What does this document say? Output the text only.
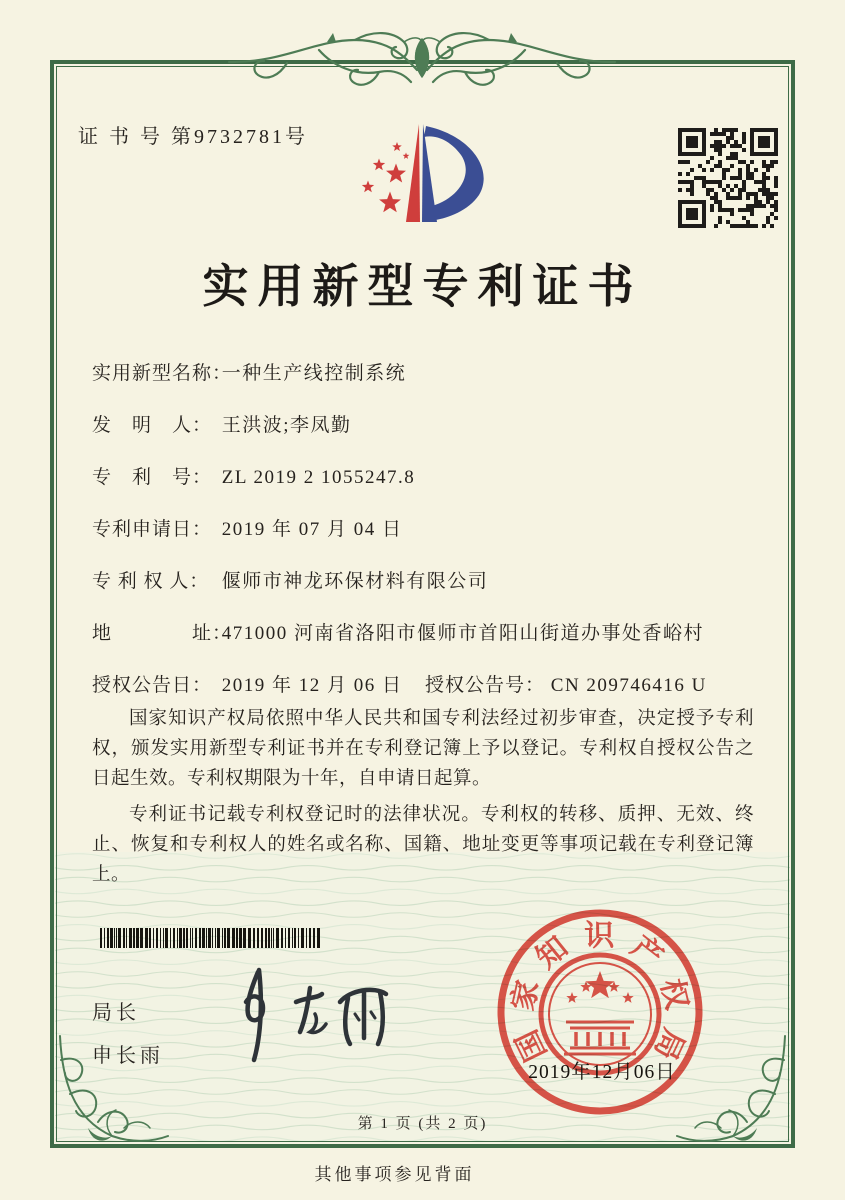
证 书 号 第9732781号
实用新型专利证书
实用新型名称： 一种生产线控制系统
发　明　人： 王洪波;李凤勤
专　利　号： ZL 2019 2 1055247.8
专利申请日： 2019 年 07 月 04 日
专 利 权 人： 偃师市神龙环保材料有限公司
地　　　　址： 471000 河南省洛阳市偃师市首阳山街道办事处香峪村
授权公告日： 2019 年 12 月 06 日 授权公告号： CN 209746416 U

国家知识产权局依照中华人民共和国专利法经过初步审查，决定授予专利权，颁发实用新型专利证书并在专利登记簿上予以登记。专利权自授权公告之日起生效。专利权期限为十年，自申请日起算。

专利证书记载专利权登记时的法律状况。专利权的转移、质押、无效、终止、恢复和专利权人的姓名或名称、国籍、地址变更等事项记载在专利登记簿上。

局长
申长雨	国
家
知 识 产
权
局
2019年12月06日
第 1 页 (共 2 页)
其他事项参见背面
